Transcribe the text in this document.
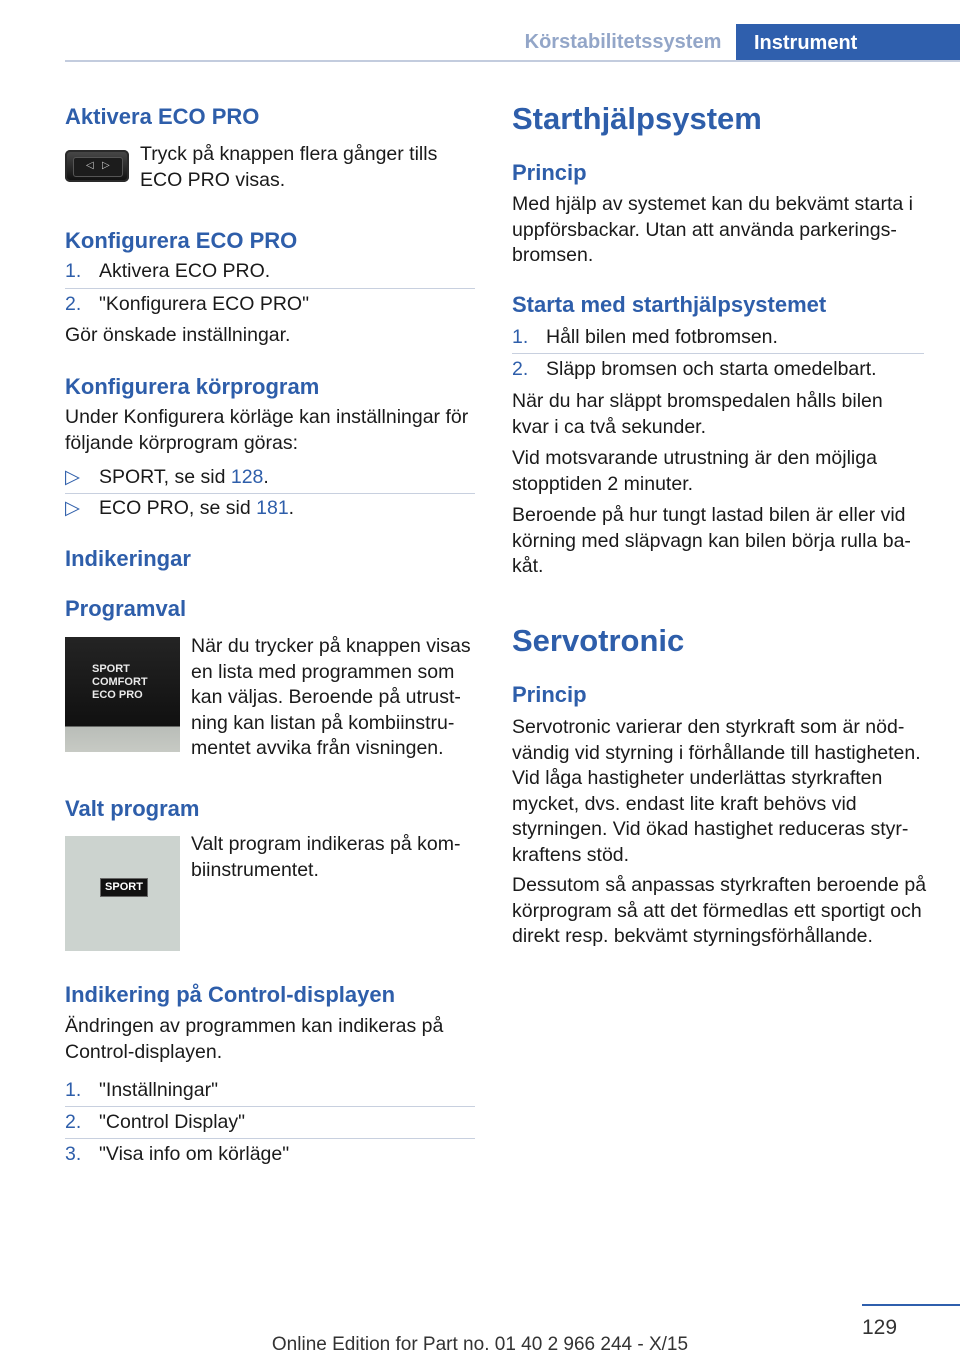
Körstabilitetssystem	Instrument
Aktivera ECO PRO
◁ ▷

Tryck på knappen flera gånger tills ECO PRO visas.

Konfigurera ECO PRO
1. Aktivera ECO PRO.
2. "Konfigurera ECO PRO"

Gör önskade inställningar.

Konfigurera körprogram

Under Konfigurera körläge kan inställningar för följande körprogram göras:

▷ SPORT, se sid 128.
▷ ECO PRO, se sid 181.
Indikeringar
Programval
SPORT
COMFORT
ECO PRO

När du trycker på knappen visas en lista med programmen som kan väljas. Beroende på utrustning kan listan på kombiinstrumentet avvika från visningen.

Valt program
SPORT

Valt program indikeras på kombiinstrumentet.

Indikering på Control-displayen

Ändringen av programmen kan indikeras på Control-displayen.

1. "Inställningar"
2. "Control Display"
3. "Visa info om körläge"
Starthjälpsystem
Princip

Med hjälp av systemet kan du bekvämt starta i uppförsbackar. Utan att använda parkeringsbromsen.

Starta med starthjälpsystemet
1. Håll bilen med fotbromsen.
2. Släpp bromsen och starta omedelbart.

När du har släppt bromspedalen hålls bilen kvar i ca två sekunder.

Vid motsvarande utrustning är den möjliga stopptiden 2 minuter.

Beroende på hur tungt lastad bilen är eller vid körning med släpvagn kan bilen börja rulla bakåt.

Servotronic
Princip

Servotronic varierar den styrkraft som är nödvändig vid styrning i förhållande till hastigheten. Vid låga hastigheter underlättas styrkraften mycket, dvs. endast lite kraft behövs vid styrningen. Vid ökad hastighet reduceras styrkraftens stöd.

Dessutom så anpassas styrkraften beroende på körprogram så att det förmedlas ett sportigt och direkt resp. bekvämt styrningsförhållande.

129
Online Edition for Part no. 01 40 2 966 244 - X/15
